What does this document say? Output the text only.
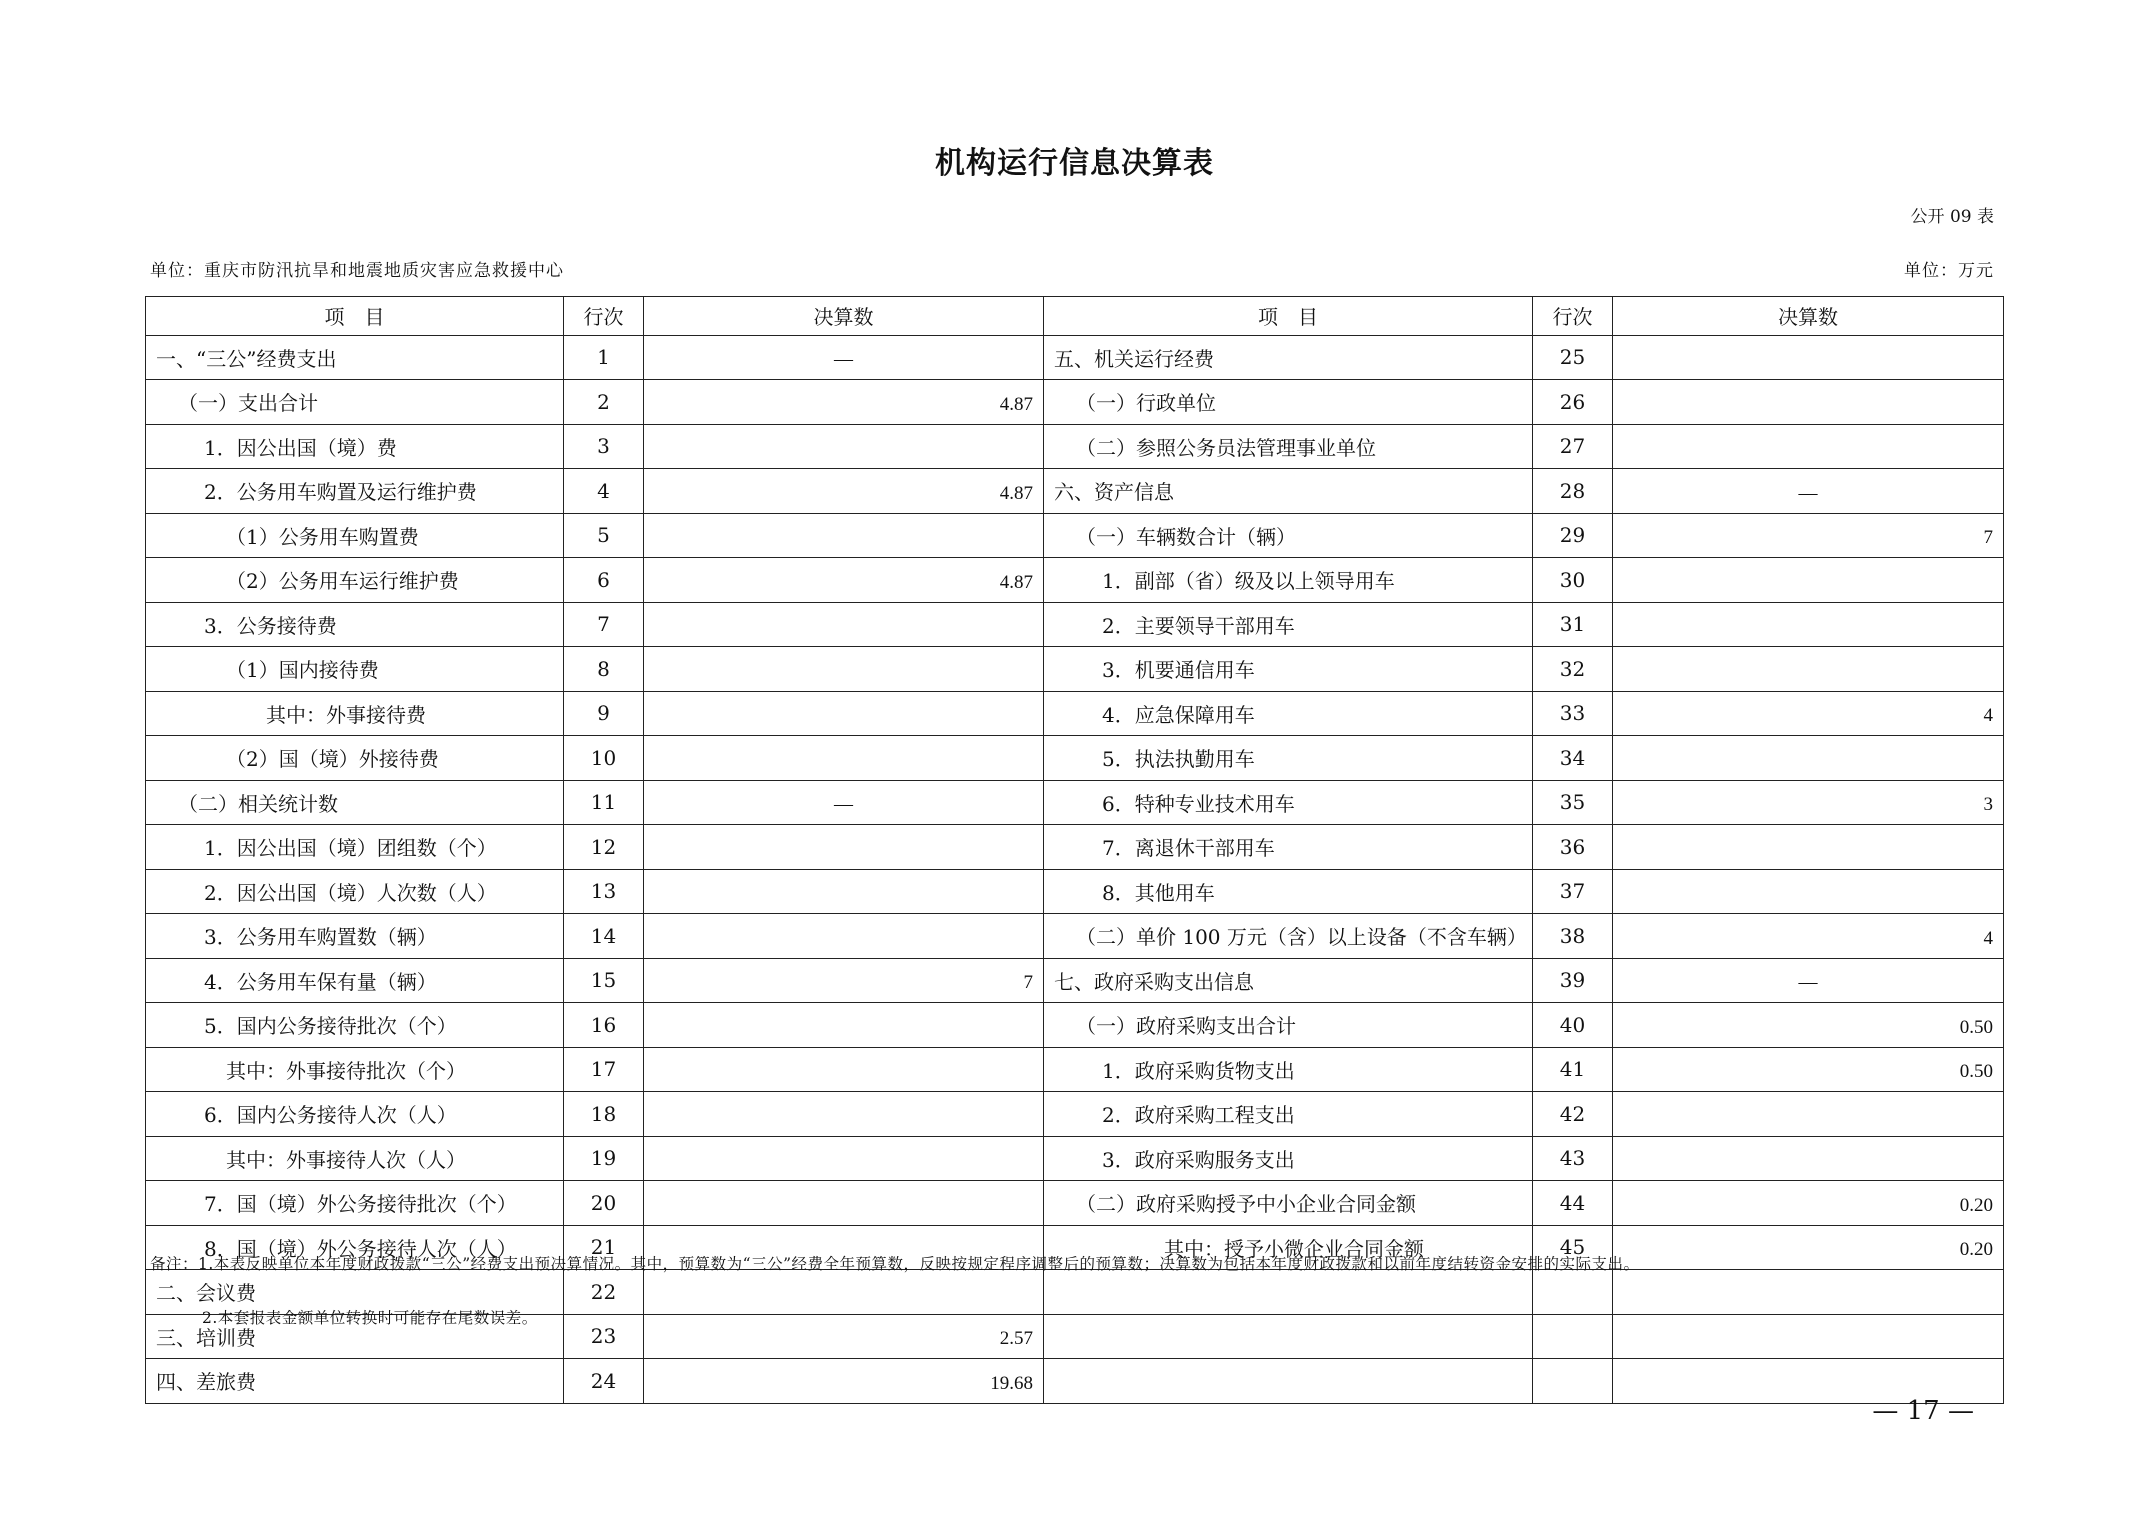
机构运行信息决算表
公开 09 表
单位：重庆市防汛抗旱和地震地质灾害应急救援中心	单位：万元
项　目	行次	决算数	项　目	行次	决算数
一、“三公”经费支出	1	—	五、机关运行经费	25	
（一）支出合计	2	4.87	（一）行政单位	26	
1．因公出国（境）费	3		（二）参照公务员法管理事业单位	27	
2．公务用车购置及运行维护费	4	4.87	六、资产信息	28	—
（1）公务用车购置费	5		（一）车辆数合计（辆）	29	7
（2）公务用车运行维护费	6	4.87	1．副部（省）级及以上领导用车	30	
3．公务接待费	7		2．主要领导干部用车	31	
（1）国内接待费	8		3．机要通信用车	32	
其中：外事接待费	9		4．应急保障用车	33	4
（2）国（境）外接待费	10		5．执法执勤用车	34	
（二）相关统计数	11	—	6．特种专业技术用车	35	3
1．因公出国（境）团组数（个）	12		7．离退休干部用车	36	
2．因公出国（境）人次数（人）	13		8．其他用车	37	
3．公务用车购置数（辆）	14		（二）单价 100 万元（含）以上设备（不含车辆）	38	4
4．公务用车保有量（辆）	15	7	七、政府采购支出信息	39	—
5．国内公务接待批次（个）	16		（一）政府采购支出合计	40	0.50
其中：外事接待批次（个）	17		1．政府采购货物支出	41	0.50
6．国内公务接待人次（人）	18		2．政府采购工程支出	42	
其中：外事接待人次（人）	19		3．政府采购服务支出	43	
7．国（境）外公务接待批次（个）	20		（二）政府采购授予中小企业合同金额	44	0.20
8．国（境）外公务接待人次（人）	21		其中：授予小微企业合同金额	45	0.20
二、会议费	22				
三、培训费	23	2.57			
四、差旅费	24	19.68			
备注：1.本表反映单位本年度财政拨款“三公”经费支出预决算情况。其中，预算数为“三公”经费全年预算数，反映按规定程序调整后的预算数；决算数为包括本年度财政拨款和以前年度结转资金安排的实际支出。
2.本套报表金额单位转换时可能存在尾数误差。
— 17 —
